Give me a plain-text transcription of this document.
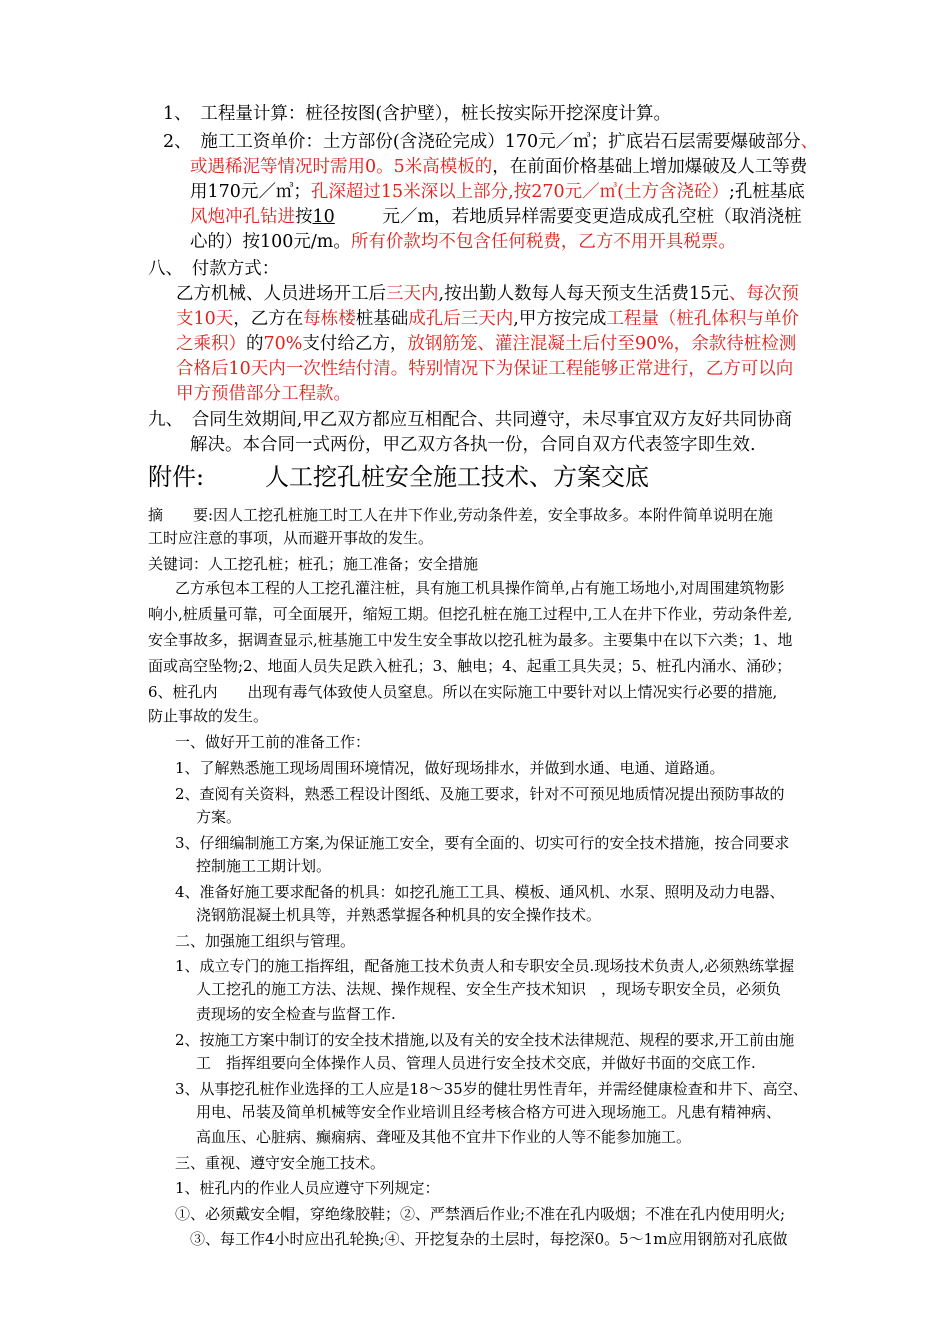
1、　工程量计算：桩径按图(含护壁），桩长按实际开挖深度计算。
2、　施工工资单价：土方部份(含浇砼完成）170元／㎥；扩底岩石层需要爆破部分、
或遇稀泥等情况时需用0。5米高模板的，在前面价格基础上增加爆破及人工等费
用170元／㎥；孔深超过15米深以上部分,按270元／㎥(土方含浇砼）;孔桩基底
风炮冲孔钻进按10	元／m，若地质异样需要变更造成成孔空桩（取消浇桩
心的）按100元/m。所有价款均不包含任何税费，乙方不用开具税票。
八、　付款方式：
乙方机械、人员进场开工后三天内,按出勤人数每人每天预支生活费15元、每次预
支10天，乙方在每栋楼桩基础成孔后三天内,甲方按完成工程量（桩孔体积与单价
之乘积）的70%支付给乙方，放钢筋笼、灌注混凝土后付至90%，余款待桩检测
合格后10天内一次性结付清。特别情况下为保证工程能够正常进行，乙方可以向
甲方预借部分工程款。
九、　合同生效期间,甲乙双方都应互相配合、共同遵守，未尽事宜双方友好共同协商
解决。本合同一式两份，甲乙双方各执一份，合同自双方代表签字即生效.
附件:	人工挖孔桩安全施工技术、方案交底
摘　　要:因人工挖孔桩施工时工人在井下作业,劳动条件差，安全事故多。本附件简单说明在施
工时应注意的事项，从而避开事故的发生。
关键词：人工挖孔桩；桩孔；施工准备；安全措施
乙方承包本工程的人工挖孔灌注桩，具有施工机具操作简单,占有施工场地小,对周围建筑物影
响小,桩质量可靠，可全面展开，缩短工期。但挖孔桩在施工过程中,工人在井下作业，劳动条件差,
安全事故多，据调查显示,桩基施工中发生安全事故以挖孔桩为最多。主要集中在以下六类；1、地
面或高空坠物;2、地面人员失足跌入桩孔；3、触电；4、起重工具失灵；5、桩孔内涌水、涌砂；
6、桩孔内　　出现有毒气体致使人员窒息。所以在实际施工中要针对以上情况实行必要的措施,
防止事故的发生。
一、做好开工前的准备工作：
1、了解熟悉施工现场周围环境情况，做好现场排水，并做到水通、电通、道路通。
2、查阅有关资料，熟悉工程设计图纸、及施工要求，针对不可预见地质情况提出预防事故的
方案。
3、仔细编制施工方案,为保证施工安全，要有全面的、切实可行的安全技术措施，按合同要求
控制施工工期计划。
4、准备好施工要求配备的机具：如挖孔施工工具、模板、通风机、水泵、照明及动力电器、
浇钢筋混凝土机具等，并熟悉掌握各种机具的安全操作技术。
二、加强施工组织与管理。
1、成立专门的施工指挥组，配备施工技术负责人和专职安全员.现场技术负责人,必须熟练掌握
人工挖孔的施工方法、法规、操作规程、安全生产技术知识　，现场专职安全员，必须负
责现场的安全检查与监督工作.
2、按施工方案中制订的安全技术措施,以及有关的安全技术法律规范、规程的要求,开工前由施
工　指挥组要向全体操作人员、管理人员进行安全技术交底，并做好书面的交底工作.
3、从事挖孔桩作业选择的工人应是18～35岁的健壮男性青年，并需经健康检查和井下、高空、
用电、吊装及简单机械等安全作业培训且经考核合格方可进入现场施工。凡患有精神病、
高血压、心脏病、癫痫病、聋哑及其他不宜井下作业的人等不能参加施工。
三、重视、遵守安全施工技术。
1、桩孔内的作业人员应遵守下列规定：
①、必须戴安全帽，穿绝缘胶鞋；②、严禁酒后作业;不准在孔内吸烟；不准在孔内使用明火;
③、每工作4小时应出孔轮换;④、开挖复杂的土层时，每挖深0。5～1m应用钢筋对孔底做
